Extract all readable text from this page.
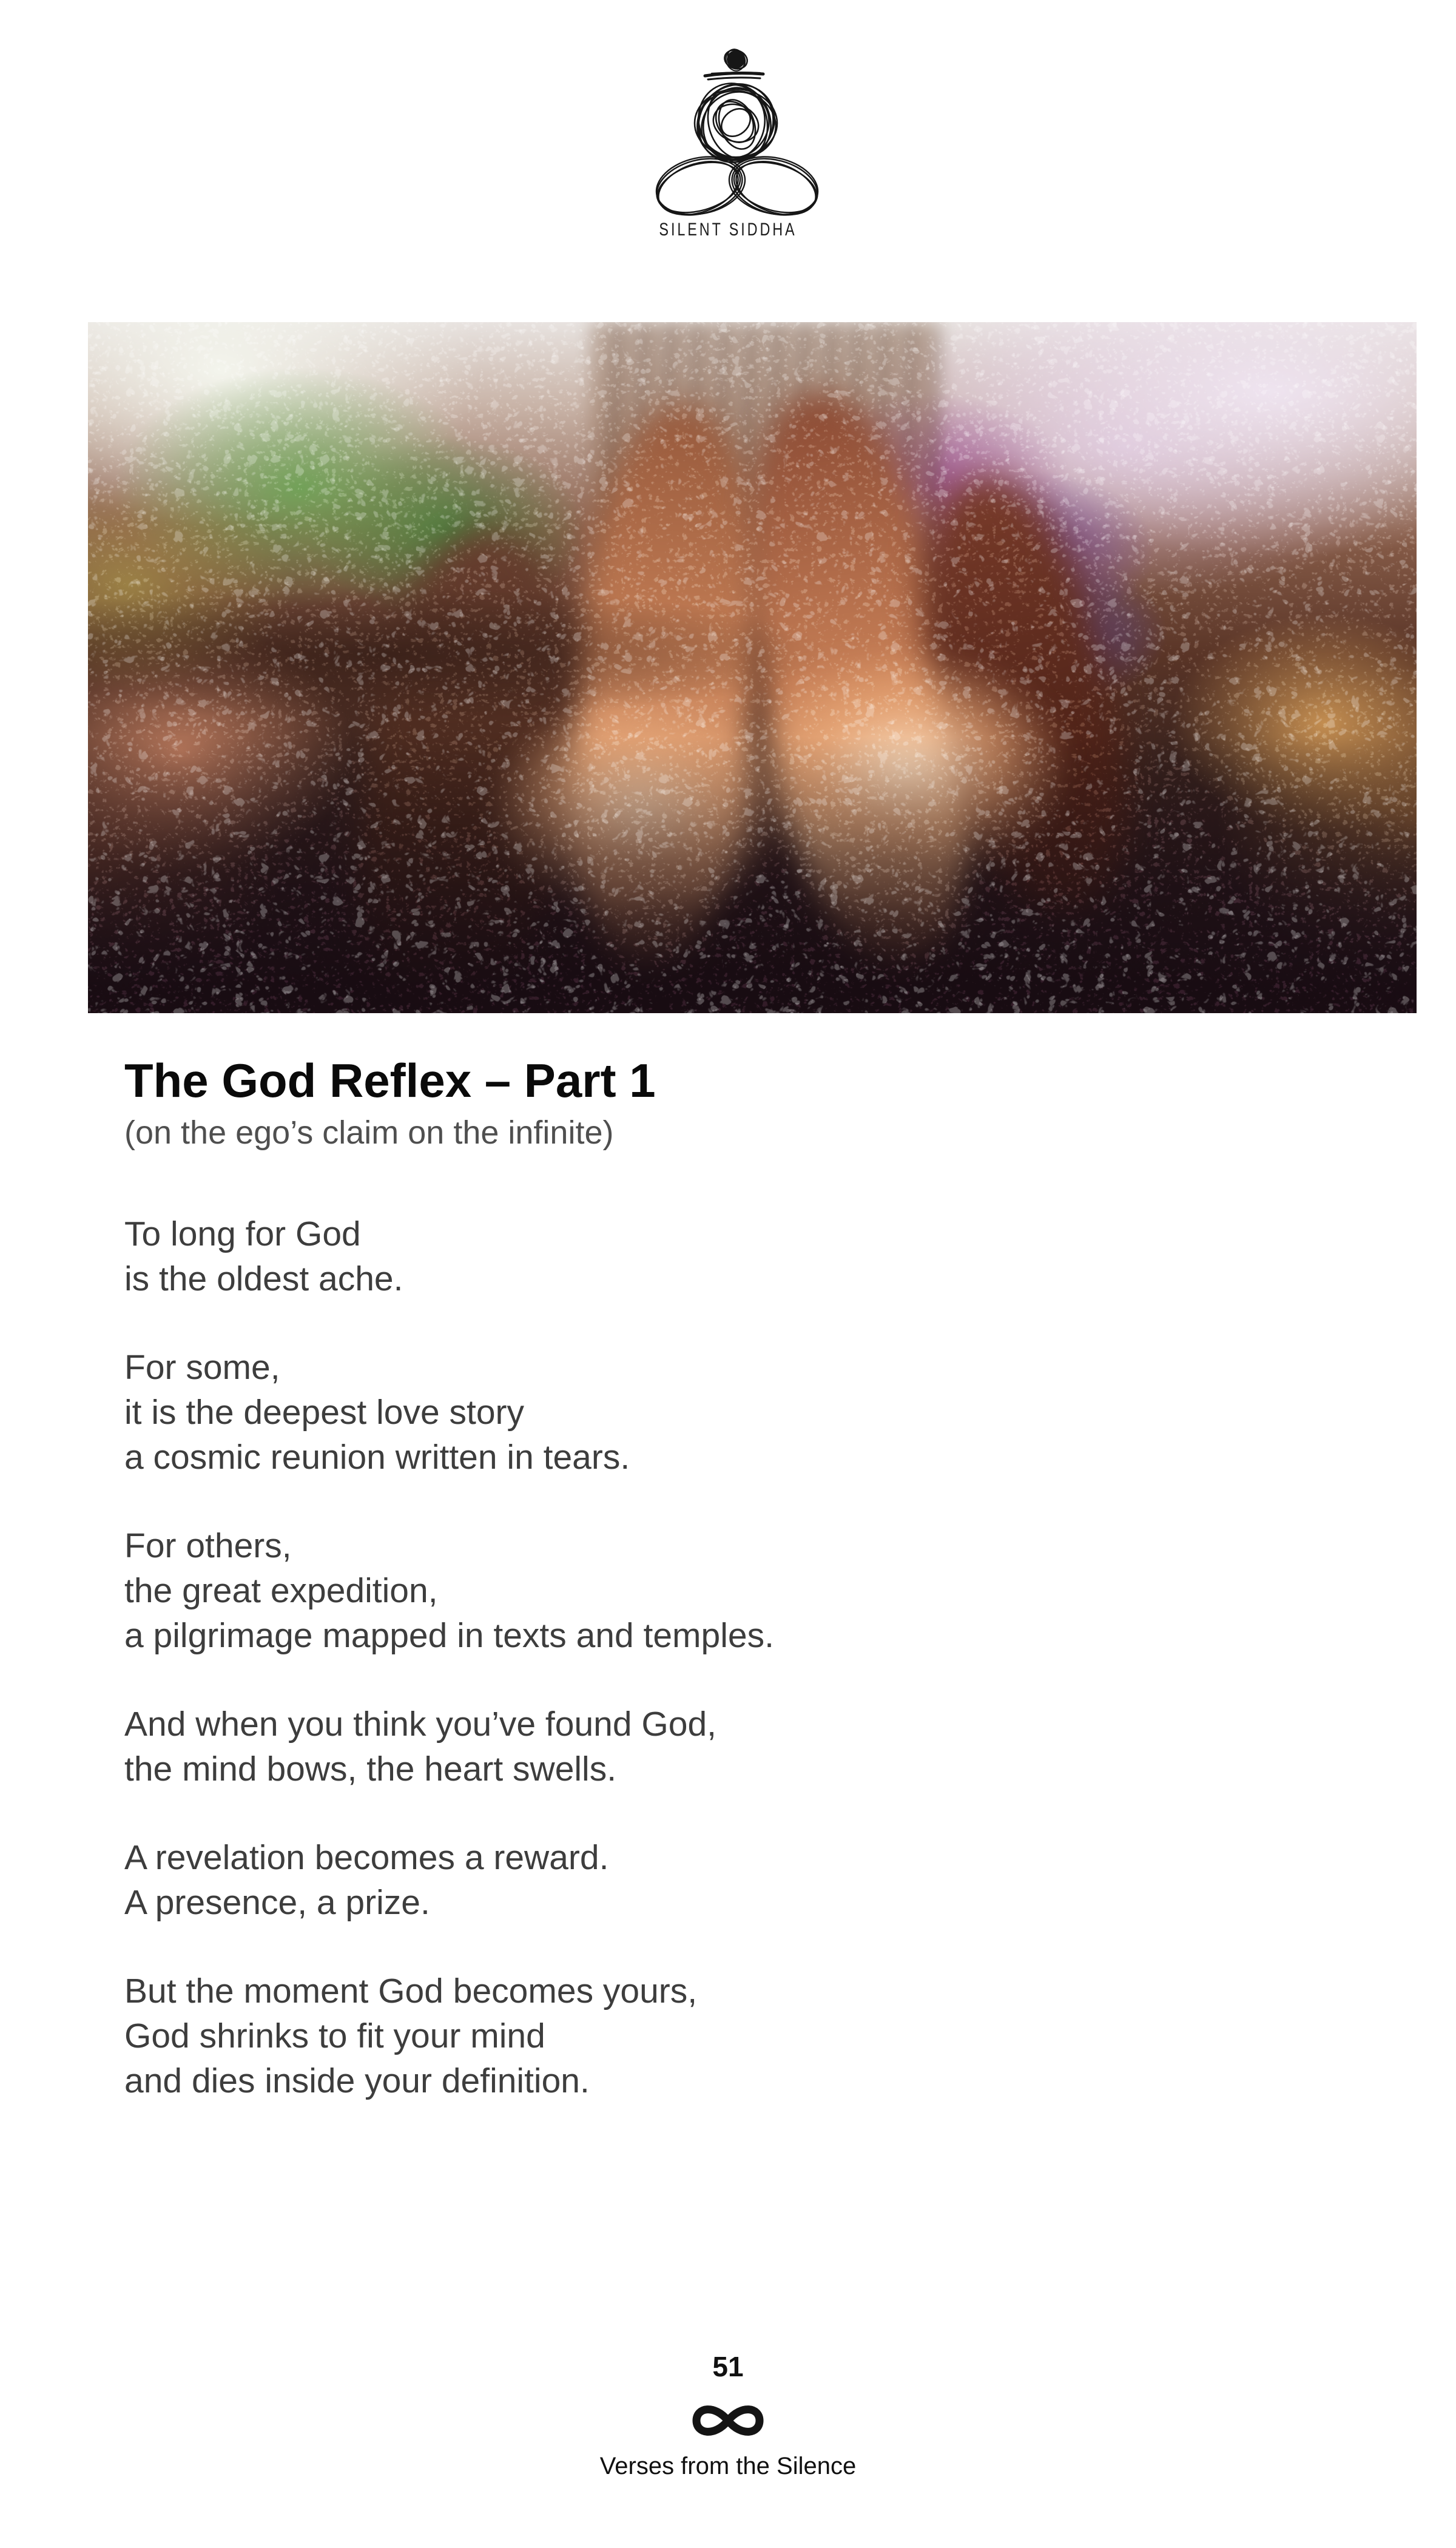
SILENT SIDDHA
The God Reflex – Part 1

(on the ego’s claim on the infinite)

To long for God

is the oldest ache.

For some,

it is the deepest love story

a cosmic reunion written in tears.

For others,

the great expedition,

a pilgrimage mapped in texts and temples.

And when you think you’ve found God,

the mind bows, the heart swells.

A revelation becomes a reward.

A presence, a prize.

But the moment God becomes yours,

God shrinks to fit your mind

and dies inside your definition.

51
Verses from the Silence
